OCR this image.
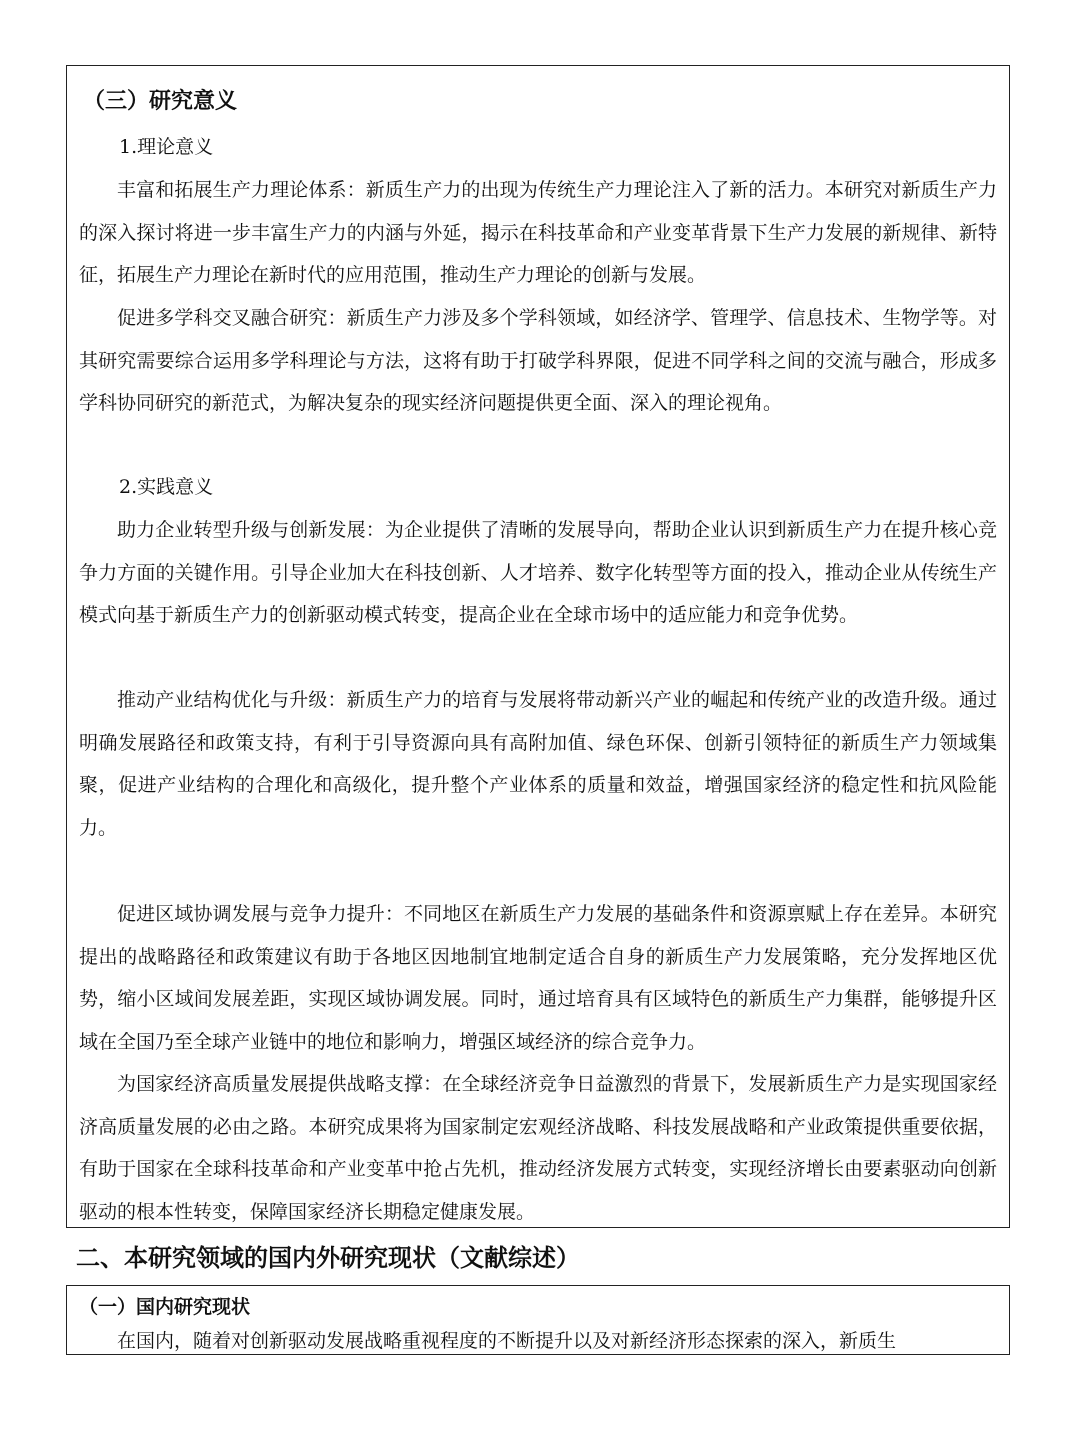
（三）研究意义
1.理论意义

丰富和拓展生产力理论体系：新质生产力的出现为传统生产力理论注入了新的活力。本研究对新质生产力的深入探讨将进一步丰富生产力的内涵与外延，揭示在科技革命和产业变革背景下生产力发展的新规律、新特征，拓展生产力理论在新时代的应用范围，推动生产力理论的创新与发展。

促进多学科交叉融合研究：新质生产力涉及多个学科领域，如经济学、管理学、信息技术、生物学等。对其研究需要综合运用多学科理论与方法，这将有助于打破学科界限，促进不同学科之间的交流与融合，形成多学科协同研究的新范式，为解决复杂的现实经济问题提供更全面、深入的理论视角。

2.实践意义

助力企业转型升级与创新发展：为企业提供了清晰的发展导向，帮助企业认识到新质生产力在提升核心竞争力方面的关键作用。引导企业加大在科技创新、人才培养、数字化转型等方面的投入，推动企业从传统生产模式向基于新质生产力的创新驱动模式转变，提高企业在全球市场中的适应能力和竞争优势。

推动产业结构优化与升级：新质生产力的培育与发展将带动新兴产业的崛起和传统产业的改造升级。通过明确发展路径和政策支持，有利于引导资源向具有高附加值、绿色环保、创新引领特征的新质生产力领域集聚，促进产业结构的合理化和高级化，提升整个产业体系的质量和效益，增强国家经济的稳定性和抗风险能力。

促进区域协调发展与竞争力提升：不同地区在新质生产力发展的基础条件和资源禀赋上存在差异。本研究提出的战略路径和政策建议有助于各地区因地制宜地制定适合自身的新质生产力发展策略，充分发挥地区优势，缩小区域间发展差距，实现区域协调发展。同时，通过培育具有区域特色的新质生产力集群，能够提升区域在全国乃至全球产业链中的地位和影响力，增强区域经济的综合竞争力。

为国家经济高质量发展提供战略支撑：在全球经济竞争日益激烈的背景下，发展新质生产力是实现国家经济高质量发展的必由之路。本研究成果将为国家制定宏观经济战略、科技发展战略和产业政策提供重要依据，有助于国家在全球科技革命和产业变革中抢占先机，推动经济发展方式转变，实现经济增长由要素驱动向创新驱动的根本性转变，保障国家经济长期稳定健康发展。

二、本研究领域的国内外研究现状（文献综述）
（一）国内研究现状
在国内，随着对创新驱动发展战略重视程度的不断提升以及对新经济形态探索的深入，新质生
